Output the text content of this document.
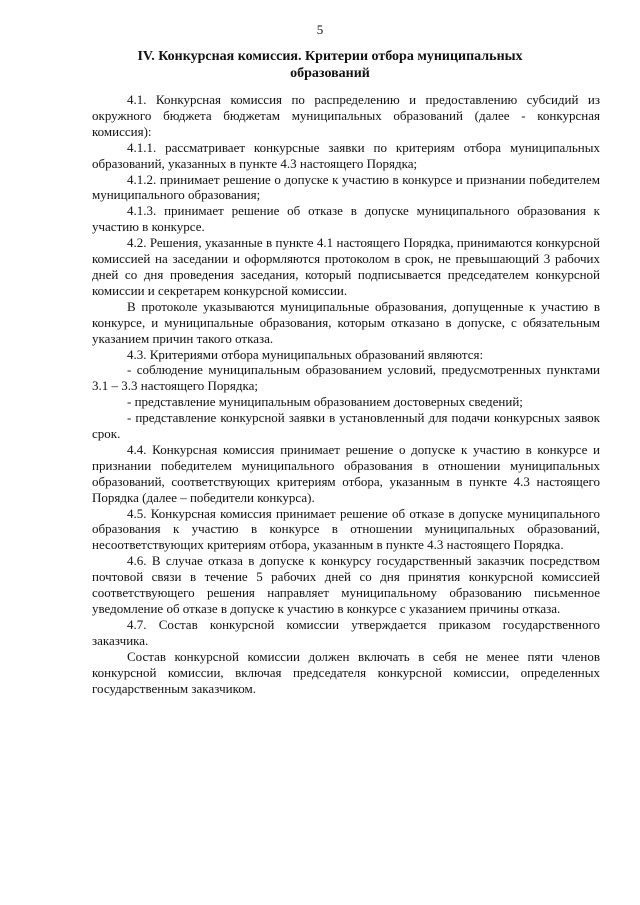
5
IV. Конкурсная комиссия. Критерии отбора муниципальных
образований

4.1. Конкурсная комиссия по распределению и предоставлению субсидий из окружного бюджета бюджетам муниципальных образований (далее - конкурсная комиссия):

4.1.1. рассматривает конкурсные заявки по критериям отбора муниципальных образований, указанных в пункте 4.3 настоящего Порядка;

4.1.2. принимает решение о допуске к участию в конкурсе и признании победителем муниципального образования;

4.1.3. принимает решение об отказе в допуске муниципального образования к участию в конкурсе.

4.2. Решения, указанные в пункте 4.1 настоящего Порядка, принимаются конкурсной комиссией на заседании и оформляются протоколом в срок, не превышающий 3 рабочих дней со дня проведения заседания, который подписывается председателем конкурсной комиссии и секретарем конкурсной комиссии.

В протоколе указываются муниципальные образования, допущенные к участию в конкурсе, и муниципальные образования, которым отказано в допуске, с обязательным указанием причин такого отказа.

4.3. Критериями отбора муниципальных образований являются:

- соблюдение муниципальным образованием условий, предусмотренных пунктами 3.1 – 3.3 настоящего Порядка;

- представление муниципальным образованием достоверных сведений;

- представление конкурсной заявки в установленный для подачи конкурсных заявок срок.

4.4. Конкурсная комиссия принимает решение о допуске к участию в конкурсе и признании победителем муниципального образования в отношении муниципальных образований, соответствующих критериям отбора, указанным в пункте 4.3 настоящего Порядка (далее – победители конкурса).

4.5. Конкурсная комиссия принимает решение об отказе в допуске муниципального образования к участию в конкурсе в отношении муниципальных образований, несоответствующих критериям отбора, указанным в пункте 4.3 настоящего Порядка.

4.6. В случае отказа в допуске к конкурсу государственный заказчик посредством почтовой связи в течение 5 рабочих дней со дня принятия конкурсной комиссией соответствующего решения направляет муниципальному образованию письменное уведомление об отказе в допуске к участию в конкурсе с указанием причины отказа.

4.7. Состав конкурсной комиссии утверждается приказом государственного заказчика.

Состав конкурсной комиссии должен включать в себя не менее пяти членов конкурсной комиссии, включая председателя конкурсной комиссии, определенных государственным заказчиком.
